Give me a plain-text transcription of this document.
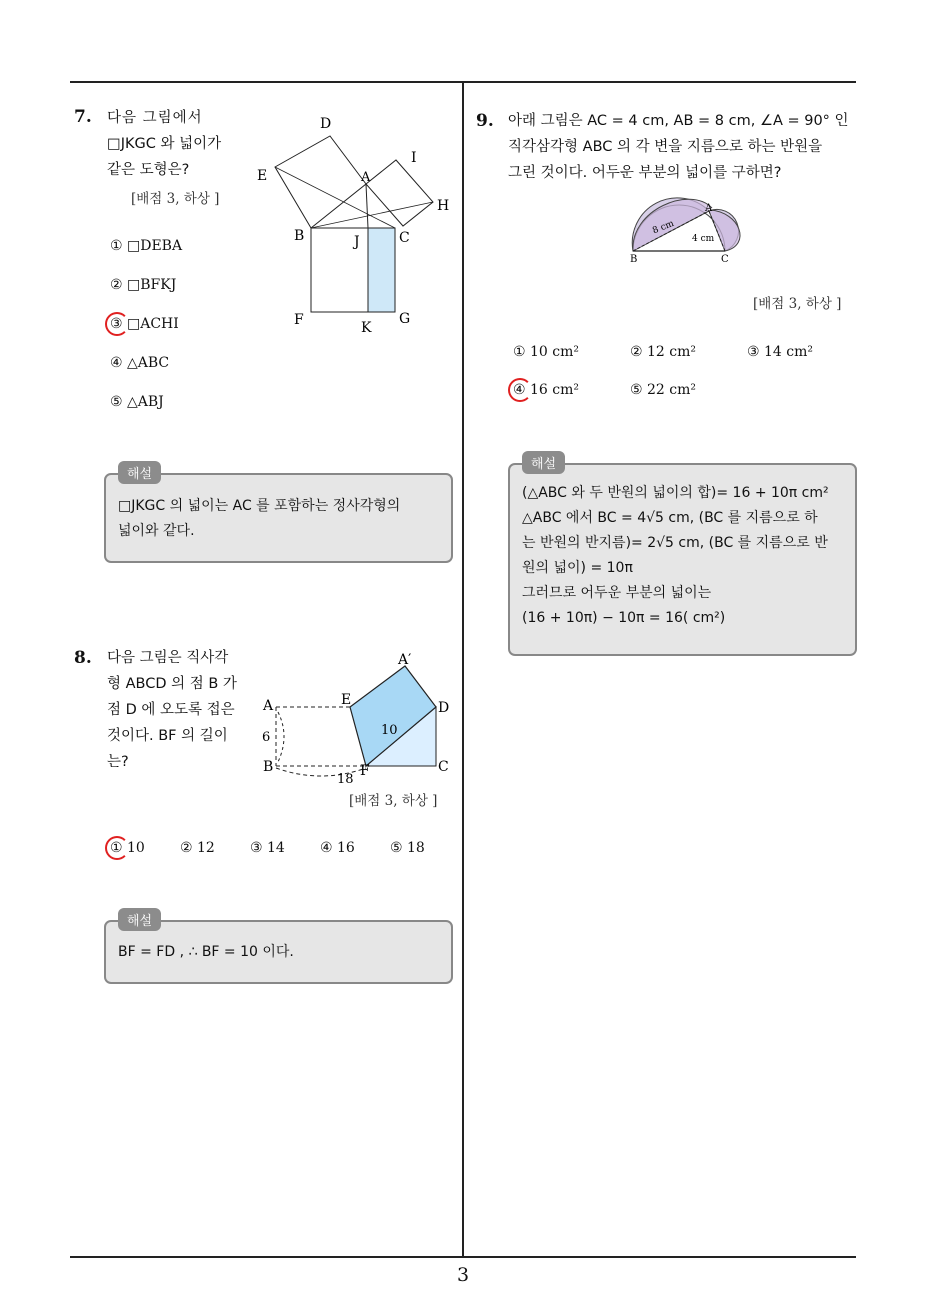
3
7. 다음 그림에서
□JKGC 와 넓이가
같은 도형은?
[배점 3, 하상 ]
D
E	A
I
H
B	J	C
F	K
G
① □DEBA
② □BFKJ
③ □ACHI
④ △ABC
⑤ △ABJ
해설
□JKGC 의 넓이는 AC 를 포함하는 정사각형의
넓이와 같다.
8. 다음 그림은 직사각
형 ABCD 의 점 B 가
점 D 에 오도록 접은
것이다. BF 의 길이
는?
A′
A	E	D
6	10
B	F	C
18
[배점 3, 하상 ]
① 10	② 12	③ 14	④ 16	⑤ 18
해설
BF = FD , ∴ BF = 10 이다.
9. 아래 그림은 AC = 4 cm, AB = 8 cm, ∠A = 90° 인
직각삼각형 ABC 의 각 변을 지름으로 하는 반원을
그린 것이다. 어두운 부분의 넓이를 구하면?
A
B	C
8 cm
4 cm
[배점 3, 하상 ]
① 10 cm²	② 12 cm²	③ 14 cm²
④ 16 cm²	⑤ 22 cm²
해설
(△ABC 와 두 반원의 넓이의 합)= 16 + 10π cm²
△ABC 에서 BC = 4√5 cm, (BC 를 지름으로 하
는 반원의 반지름)= 2√5 cm, (BC 를 지름으로 반
원의 넓이) = 10π
그러므로 어두운 부분의 넓이는
(16 + 10π) − 10π = 16( cm²)
